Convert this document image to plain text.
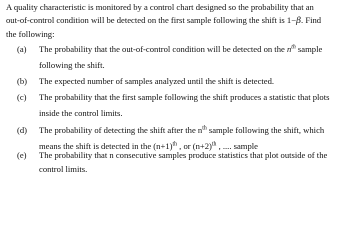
A quality characteristic is monitored by a control chart designed so the probability that an
out-of-control condition will be detected on the first sample following the shift is 1−β. Find
the following:
(a) The probability that the out-of-control condition will be detected on the $n^{th}$ sample
following the shift.
(b) The expected number of samples analyzed until the shift is detected.
(c) The probability that the first sample following the shift produces a statistic that plots
inside the control limits.
(d) The probability of detecting the shift after the $n^{th}$ sample following the shift, which
means the shift is detected in the $(n+1)^{th}$ , or $(n+2)^{th}$ , .... sample
(e) The probability that n consecutive samples produce statistics that plot outside of the
control limits.
